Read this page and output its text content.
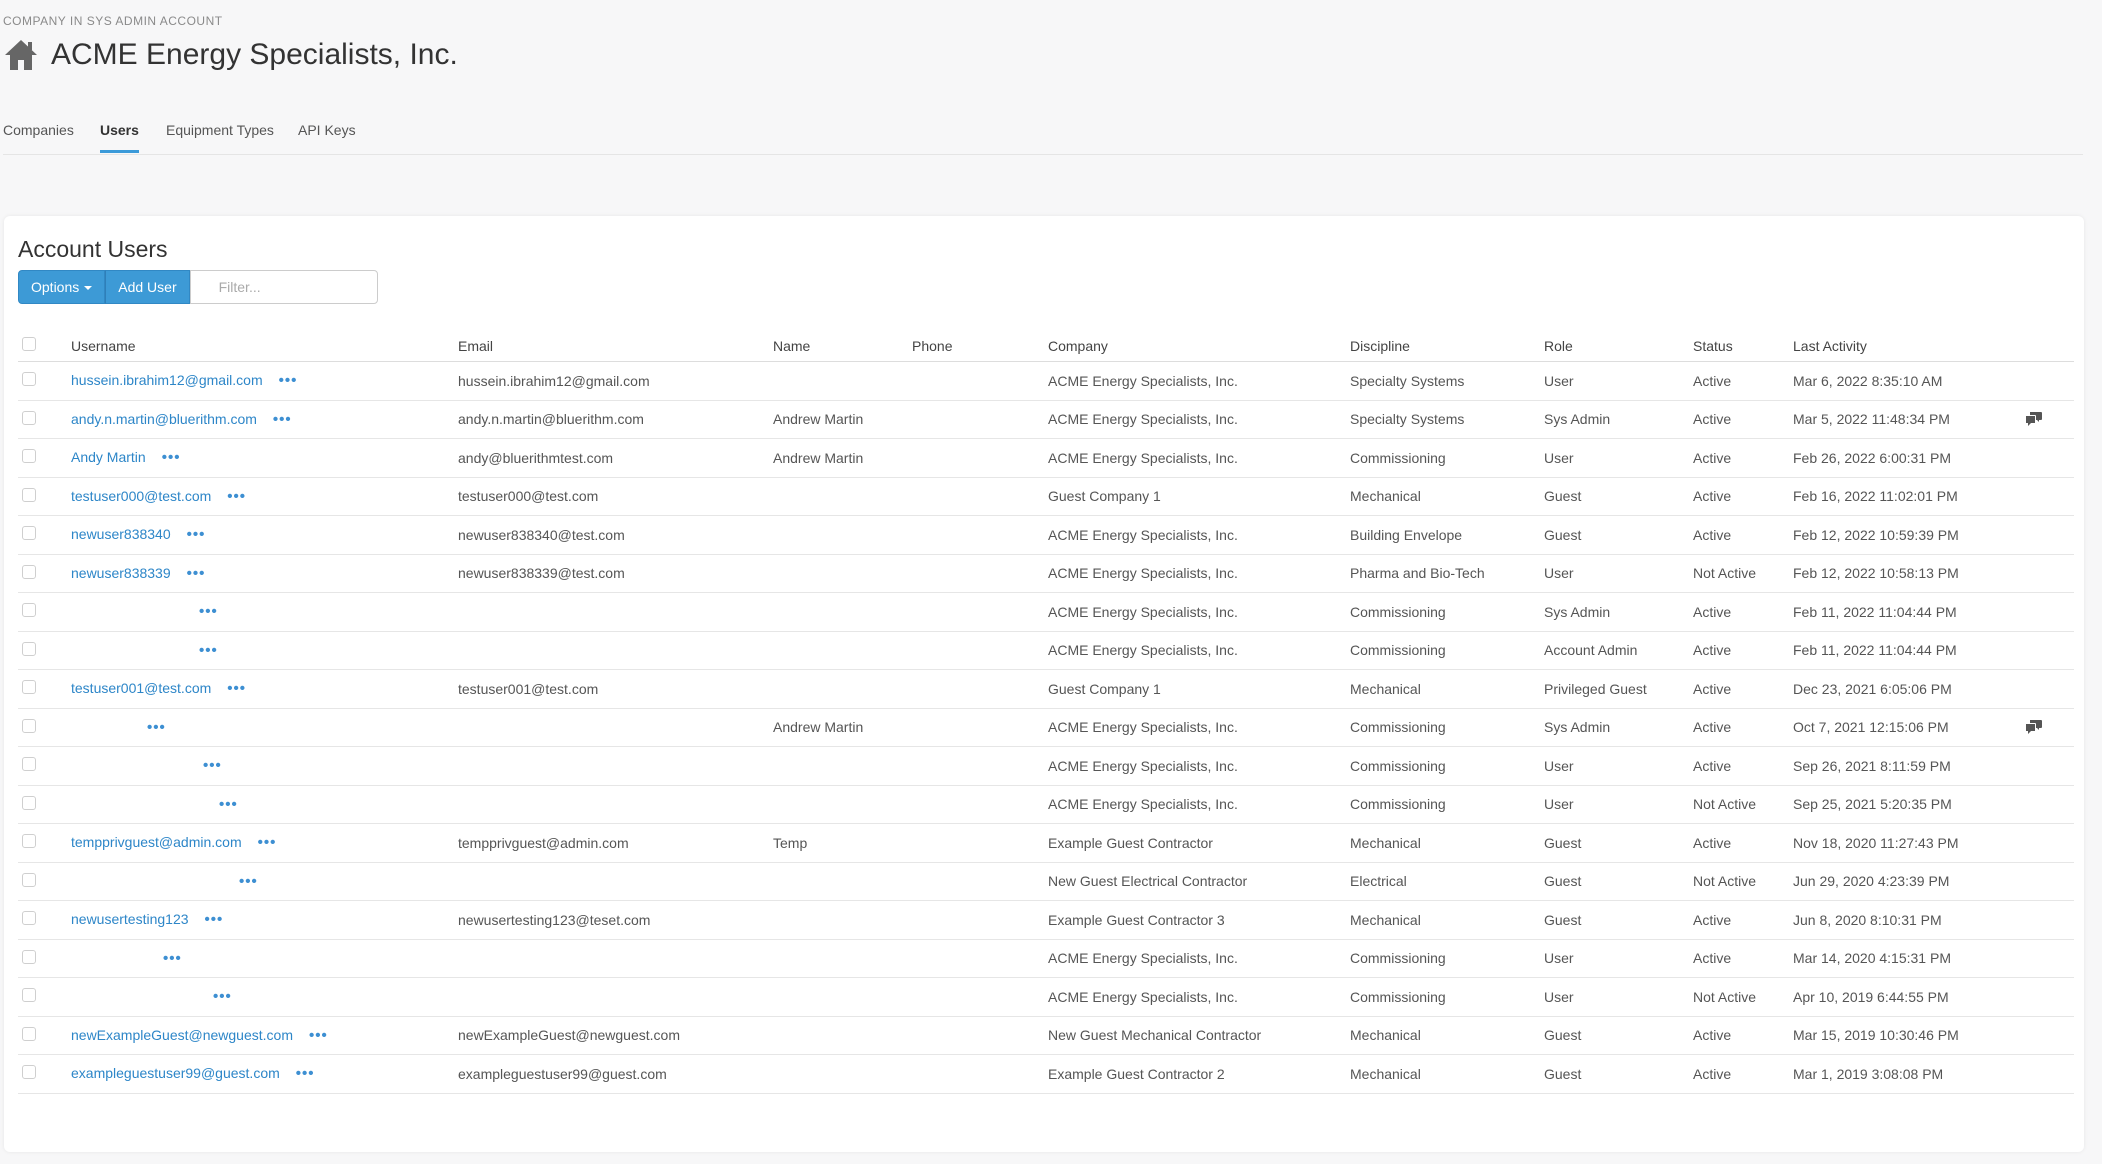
COMPANY IN SYS ADMIN ACCOUNT
ACME Energy Specialists, Inc.
Companies Users Equipment Types API Keys
Account Users
Options	Add User
Filter...
	Username	Email	Name	Phone	Company	Discipline	Role	Status	Last Activity	
	hussein.ibrahim12@gmail.com •••	hussein.ibrahim12@gmail.com			ACME Energy Specialists, Inc.	Specialty Systems	User	Active	Mar 6, 2022 8:35:10 AM	
	andy.n.martin@bluerithm.com •••	andy.n.martin@bluerithm.com	Andrew Martin		ACME Energy Specialists, Inc.	Specialty Systems	Sys Admin	Active	Mar 5, 2022 11:48:34 PM	

	Andy Martin •••	andy@bluerithmtest.com	Andrew Martin		ACME Energy Specialists, Inc.	Commissioning	User	Active	Feb 26, 2022 6:00:31 PM	
	testuser000@test.com •••	testuser000@test.com			Guest Company 1	Mechanical	Guest	Active	Feb 16, 2022 11:02:01 PM	
	newuser838340 •••	newuser838340@test.com			ACME Energy Specialists, Inc.	Building Envelope	Guest	Active	Feb 12, 2022 10:59:39 PM	
	newuser838339 •••	newuser838339@test.com			ACME Energy Specialists, Inc.	Pharma and Bio-Tech	User	Not Active	Feb 12, 2022 10:58:13 PM	
	•••				ACME Energy Specialists, Inc.	Commissioning	Sys Admin	Active	Feb 11, 2022 11:04:44 PM	
	•••				ACME Energy Specialists, Inc.	Commissioning	Account Admin	Active	Feb 11, 2022 11:04:44 PM	
	testuser001@test.com •••	testuser001@test.com			Guest Company 1	Mechanical	Privileged Guest	Active	Dec 23, 2021 6:05:06 PM	
	•••		Andrew Martin		ACME Energy Specialists, Inc.	Commissioning	Sys Admin	Active	Oct 7, 2021 12:15:06 PM	

	•••				ACME Energy Specialists, Inc.	Commissioning	User	Active	Sep 26, 2021 8:11:59 PM	
	•••				ACME Energy Specialists, Inc.	Commissioning	User	Not Active	Sep 25, 2021 5:20:35 PM	
	tempprivguest@admin.com •••	tempprivguest@admin.com	Temp		Example Guest Contractor	Mechanical	Guest	Active	Nov 18, 2020 11:27:43 PM	
	•••				New Guest Electrical Contractor	Electrical	Guest	Not Active	Jun 29, 2020 4:23:39 PM	
	newusertesting123 •••	newusertesting123@teset.com			Example Guest Contractor 3	Mechanical	Guest	Active	Jun 8, 2020 8:10:31 PM	
	•••				ACME Energy Specialists, Inc.	Commissioning	User	Active	Mar 14, 2020 4:15:31 PM	
	•••				ACME Energy Specialists, Inc.	Commissioning	User	Not Active	Apr 10, 2019 6:44:55 PM	
	newExampleGuest@newguest.com •••	newExampleGuest@newguest.com			New Guest Mechanical Contractor	Mechanical	Guest	Active	Mar 15, 2019 10:30:46 PM	
	exampleguestuser99@guest.com •••	exampleguestuser99@guest.com			Example Guest Contractor 2	Mechanical	Guest	Active	Mar 1, 2019 3:08:08 PM	
